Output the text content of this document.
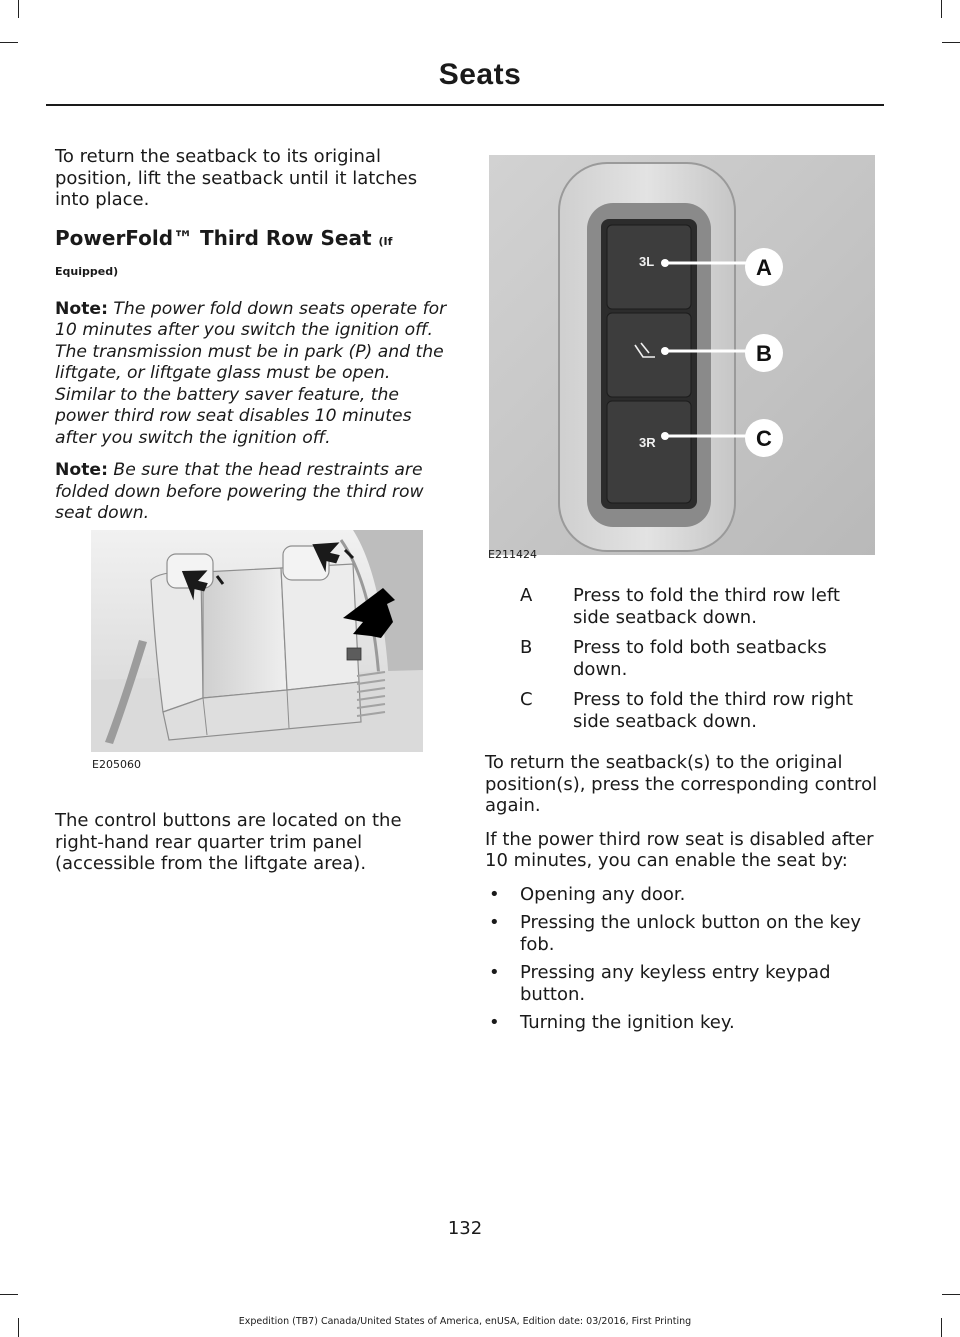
Seats

To return the seatback to its original position, lift the seatback until it latches into place.

PowerFold™ Third Row Seat (If Equipped)

Note: The power fold down seats operate for 10 minutes after you switch the ignition off. The transmission must be in park (P) and the liftgate, or liftgate glass must be open. Similar to the battery saver feature, the power third row seat disables 10 minutes after you switch the ignition off.

Note: Be sure that the head restraints are folded down before powering the third row seat down.

E205060

The control buttons are located on the right-hand rear quarter trim panel (accessible from the liftgate area).

3L
3R
A
B
C
E211424
A Press to fold the third row left side seatback down.
B Press to fold both seatbacks down.
C Press to fold the third row right side seatback down.

To return the seatback(s) to the original position(s), press the corresponding control again.

If the power third row seat is disabled after 10 minutes, you can enable the seat by:

• Opening any door.
• Pressing the unlock button on the key fob.
• Pressing any keyless entry keypad button.
• Turning the ignition key.
132
Expedition (TB7) Canada/United States of America, enUSA, Edition date: 03/2016, First Printing
